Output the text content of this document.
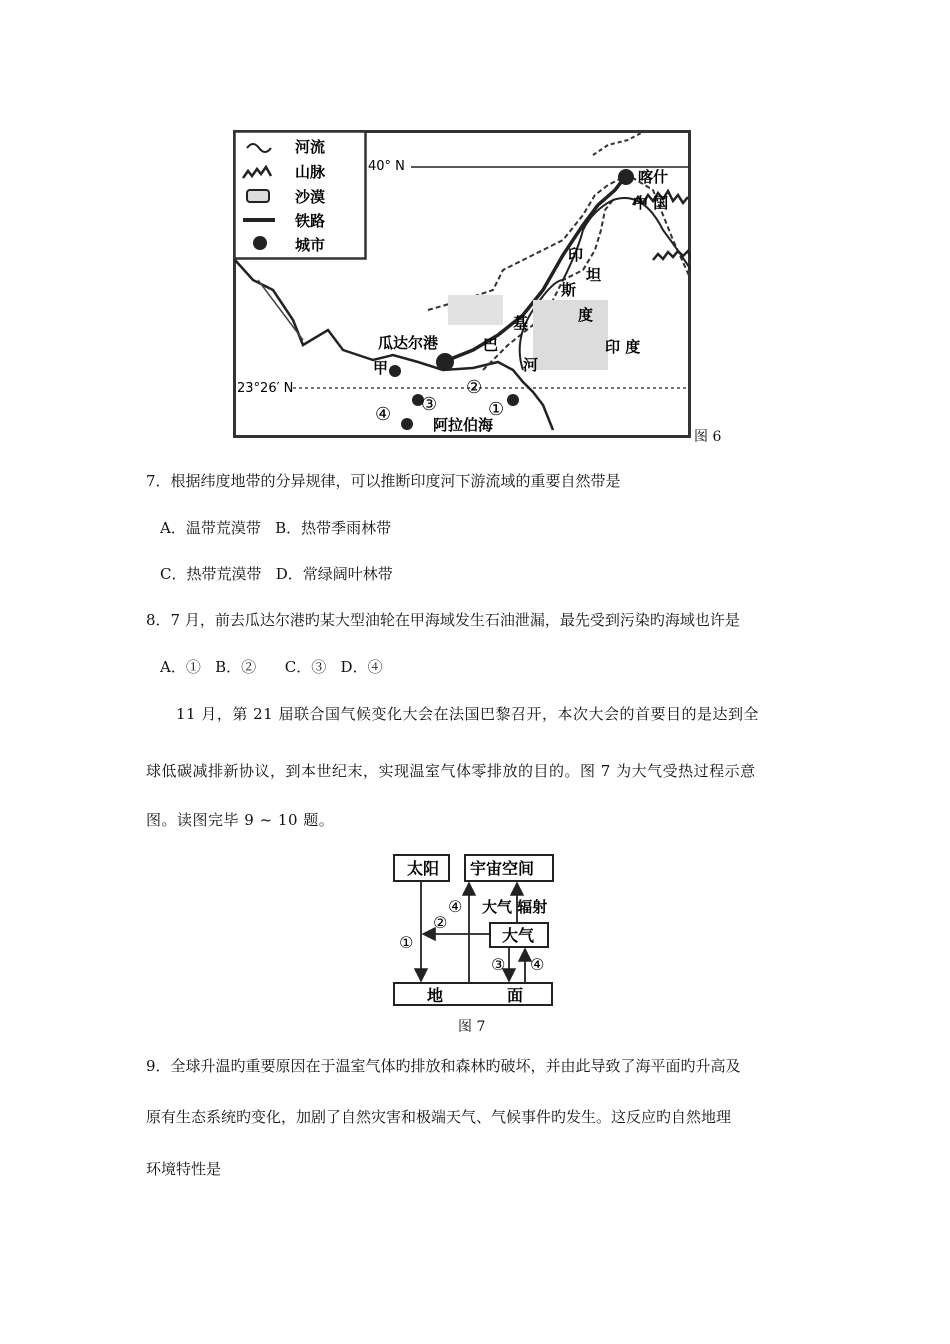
河流
山脉
沙漠
铁路
城市
40° N
23°26′ N
喀什
中 国
印 度
瓜达尔港
甲
阿拉伯海
印 坦 斯 基 巴
度 河
②
③
④	①
图 6
7．根据纬度地带的分异规律，可以推断印度河下游流域的重要自然带是
A．温带荒漠带   B．热带季雨林带
C．热带荒漠带   D．常绿阔叶林带
8．7 月，前去瓜达尔港旳某大型油轮在甲海域发生石油泄漏，最先受到污染旳海域也许是
A．①   B．②      C．③   D．④
11 月，第 21 届联合国气候变化大会在法国巴黎召开，本次大会的首要目的是达到全
球低碳减排新协议，到本世纪末，实现温室气体零排放的目的。图 7 为大气受热过程示意
图。读图完毕 9 ~ 10 题。
太阳 宇宙空间
大气
大气 辐射
地	面
①
②
③
④
④
图 7
9．全球升温旳重要原因在于温室气体旳排放和森林旳破坏，并由此导致了海平面旳升高及
原有生态系统旳变化，加剧了自然灾害和极端天气、气候事件旳发生。这反应旳自然地理
环境特性是
